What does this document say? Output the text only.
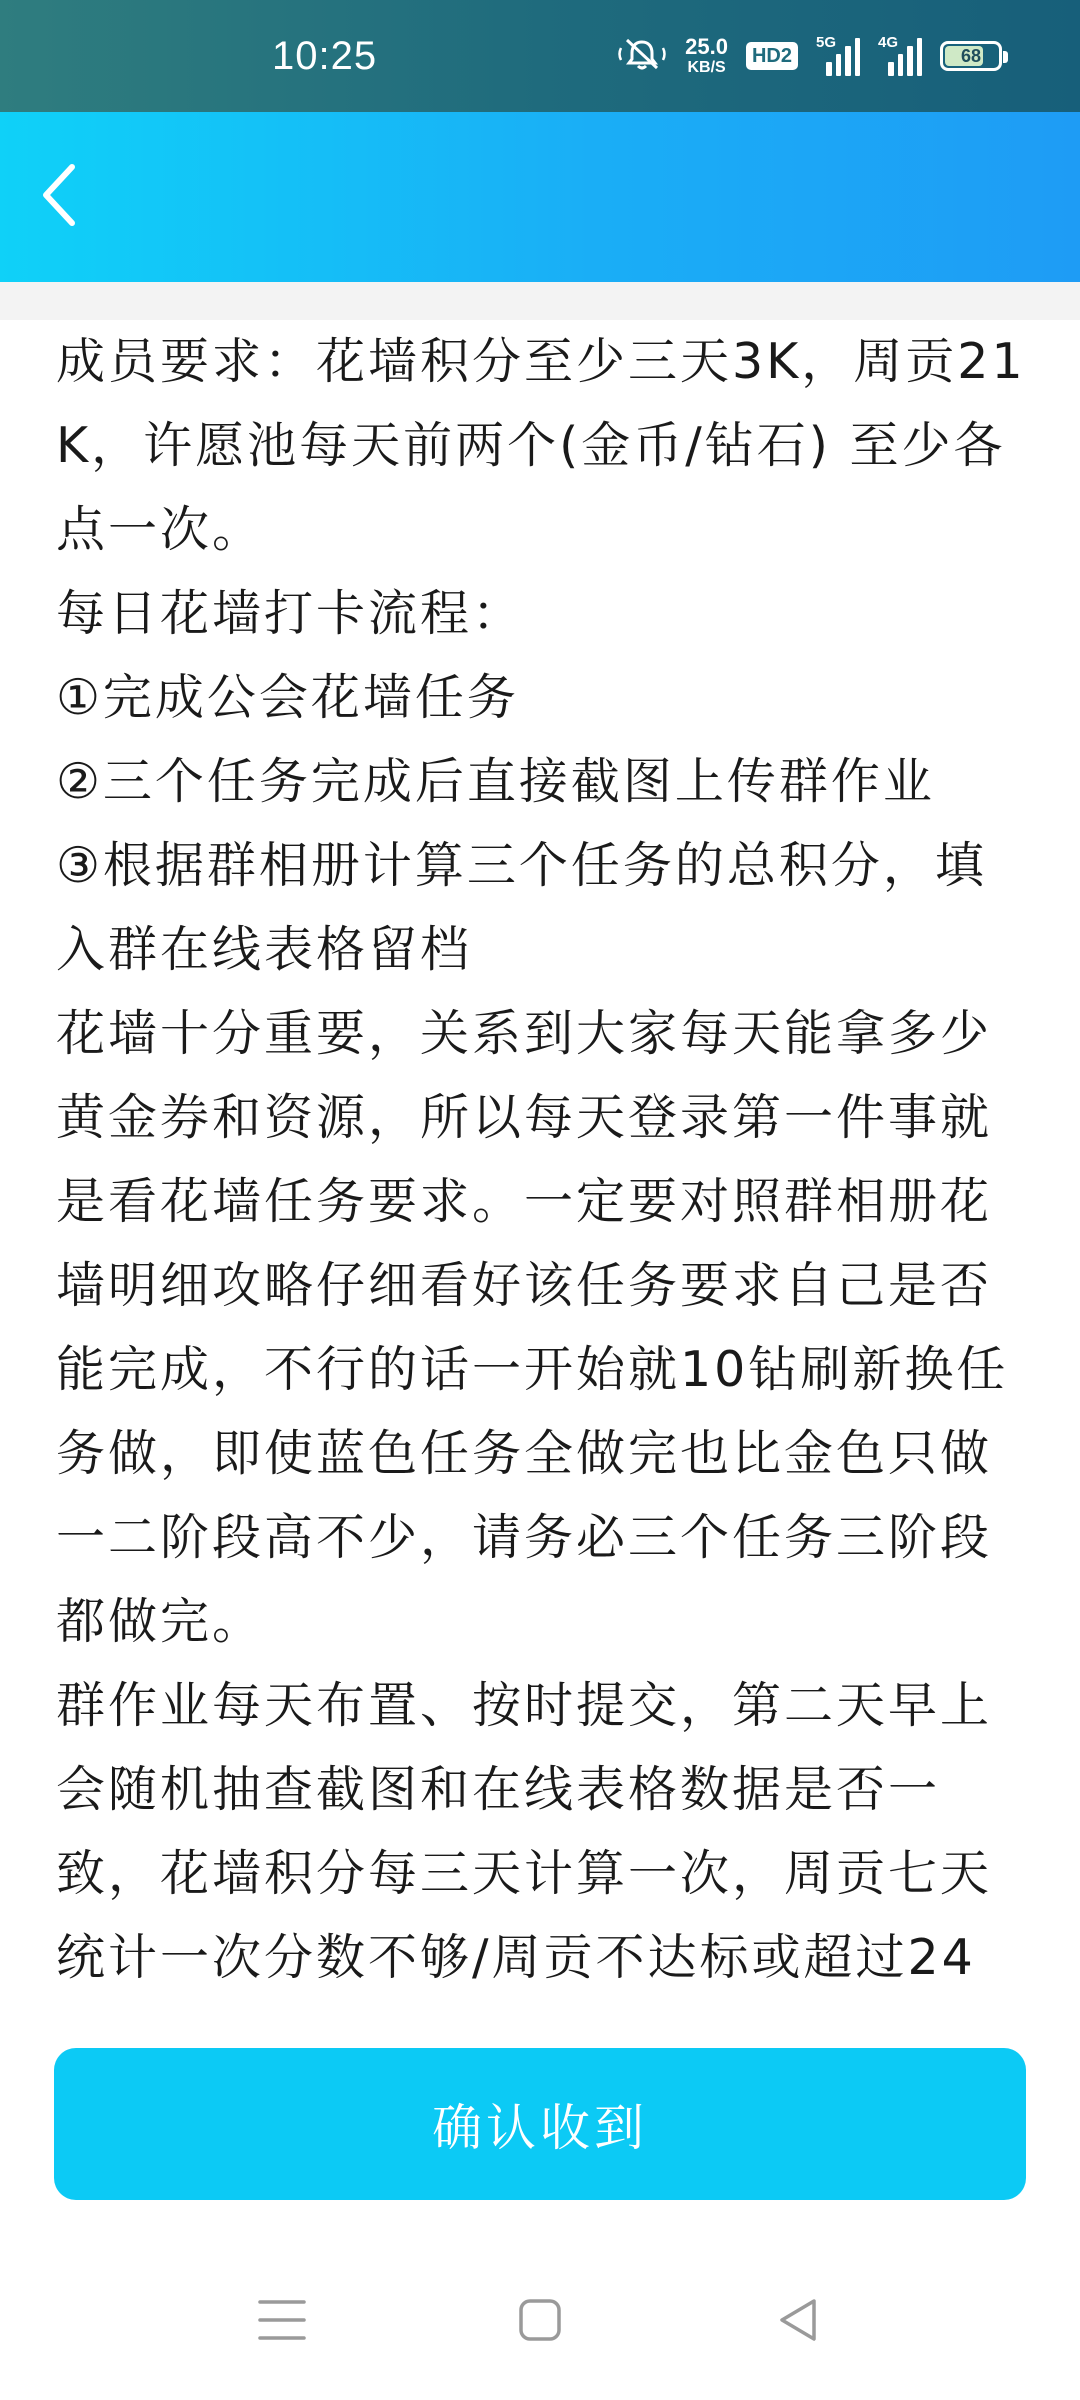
10:25	25.0
KB/S
HD2
5G	4G
68

成员要求：花墙积分至少三天3K，周贡21K，许愿池每天前两个(金币/钻石) 至少各点一次。

每日花墙打卡流程：

①完成公会花墙任务

②三个任务完成后直接截图上传群作业

③根据群相册计算三个任务的总积分，填入群在线表格留档

花墙十分重要，关系到大家每天能拿多少黄金券和资源，所以每天登录第一件事就是看花墙任务要求。一定要对照群相册花墙明细攻略仔细看好该任务要求自己是否能完成，不行的话一开始就10钻刷新换任务做，即使蓝色任务全做完也比金色只做一二阶段高不少，请务必三个任务三阶段都做完。

群作业每天布置、按时提交，第二天早上会随机抽查截图和在线表格数据是否一致，花墙积分每三天计算一次，周贡七天统计一次分数不够/周贡不达标或超过24

确认收到
